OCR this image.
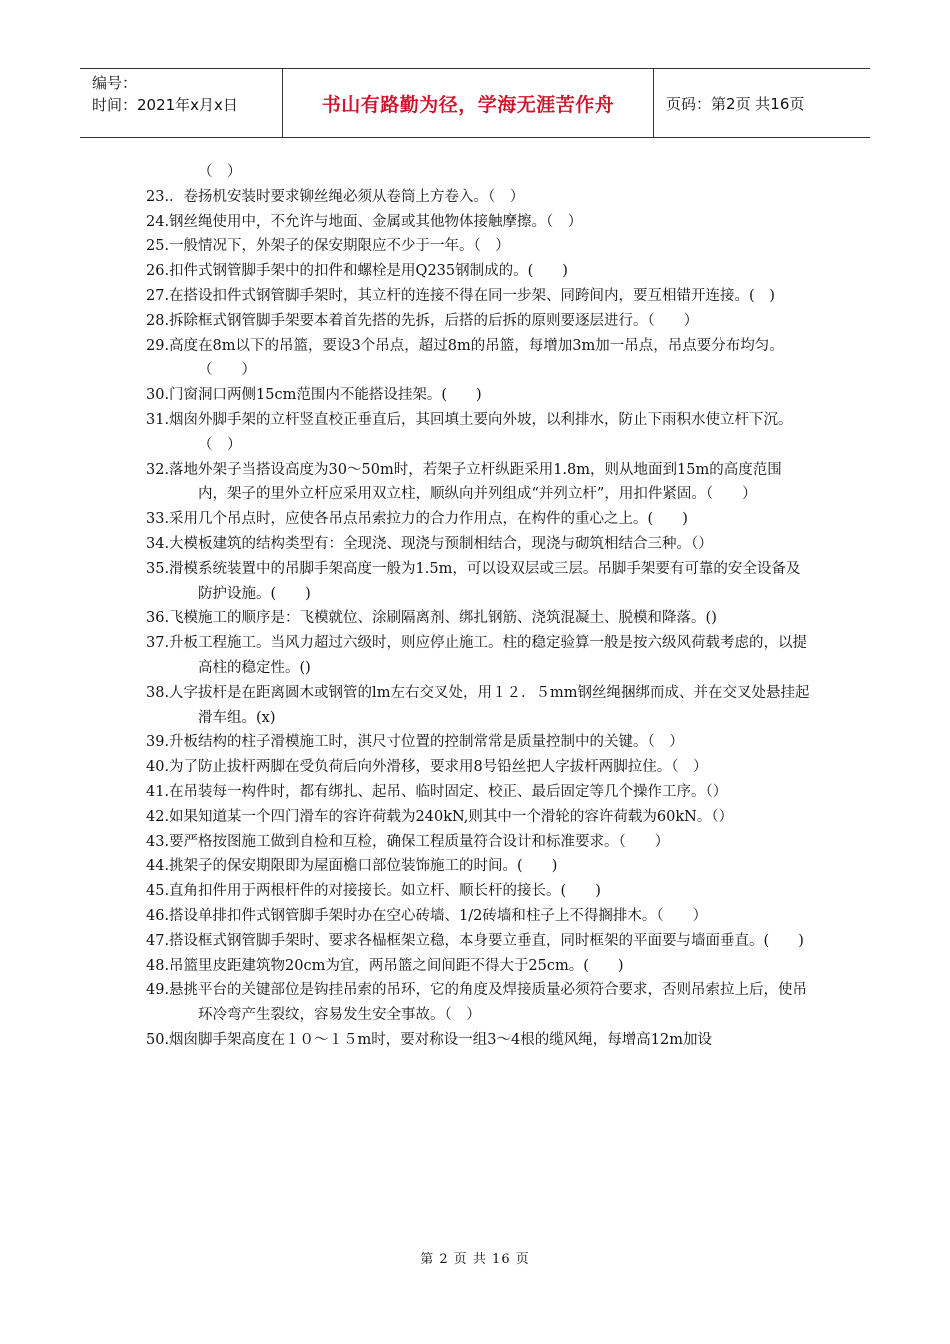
编号：
时间：2021年x月x日	书山有路勤为径，学海无涯苦作舟	页码：第2页 共16页
（　）
23.．卷扬机安装时要求铆丝绳必须从卷筒上方卷入。（　）
24.钢丝绳使用中，不允许与地面、金属或其他物体接触摩擦。（　）
25.一般情况下，外架子的保安期限应不少于一年。（　）
26.扣件式钢管脚手架中的扣件和螺栓是用Q235钢制成的。(　　)
27.在搭设扣件式钢管脚手架时，其立杆的连接不得在同一步架、同跨间内，要互相错开连接。(　)
28.拆除框式钢管脚手架要本着首先搭的先拆，后搭的后拆的原则要逐层进行。（　　）
29.高度在8m以下的吊篮，要设3个吊点，超过8m的吊篮，每增加3m加一吊点，吊点要分布均匀。（　　）
30.门窗洞口两侧15cm范围内不能搭设挂架。(　　)
31.烟囱外脚手架的立杆竖直校正垂直后，其回填土要向外坡，以利排水，防止下雨积水使立杆下沉。（　）
32.落地外架子当搭设高度为30～50m时，若架子立杆纵距采用1.8m，则从地面到15m的高度范围内，架子的里外立杆应采用双立柱，顺纵向并列组成“并列立杆”，用扣件紧固。（　　）
33.采用几个吊点时，应使各吊点吊索拉力的合力作用点，在构件的重心之上。(　　)
34.大模板建筑的结构类型有：全现浇、现浇与预制相结合，现浇与砌筑相结合三种。（）
35.滑模系统装置中的吊脚手架高度一般为1.5m，可以设双层或三层。吊脚手架要有可靠的安全设备及防护设施。(　　)
36.飞模施工的顺序是：飞模就位、涂刷隔离剂、绑扎钢筋、浇筑混凝土、脱模和降落。()
37.升板工程施工。当风力超过六级时，则应停止施工。柱的稳定验算一般是按六级风荷载考虑的，以提高柱的稳定性。()
38.人字拔杆是在距离圆木或钢管的lm左右交叉处，用１２．５mm钢丝绳捆绑而成、并在交叉处悬挂起滑车组。(x)
39.升板结构的柱子滑模施工时，淇尺寸位置的控制常常是质量控制中的关键。（　）
40.为了防止拔杆两脚在受负荷后向外滑移，要求用8号铅丝把人字拔杆两脚拉住。（　）
41.在吊装每一构件时，都有绑扎、起吊、临时固定、校正、最后固定等几个操作工序。（）
42.如果知道某一个四门滑车的容许荷载为240kN,则其中一个滑轮的容许荷载为60kN。（）
43.要严格按图施工做到自检和互检，确保工程质量符合设计和标准要求。（　　）
44.挑架子的保安期限即为屋面檐口部位装饰施工的时间。(　　)
45.直角扣件用于两根杆件的对接接长。如立杆、顺长杆的接长。(　　)
46.搭设单排扣件式钢管脚手架时办在空心砖墙、1/2砖墙和柱子上不得搁排木。（　　）
47.搭设框式钢管脚手架时、要求各榀框架立稳，本身要立垂直，同时框架的平面要与墙面垂直。(　　)
48.吊篮里皮距建筑物20cm为宜，两吊篮之间间距不得大于25cm。(　　)
49.悬挑平台的关键部位是钩挂吊索的吊环，它的角度及焊接质量必须符合要求，否则吊索拉上后，使吊环冷弯产生裂纹，容易发生安全事故。（　）
50.烟囱脚手架高度在１０～１５m时，要对称设一组3～4根的缆风绳，每增高12m加设
第 2 页 共 16 页
